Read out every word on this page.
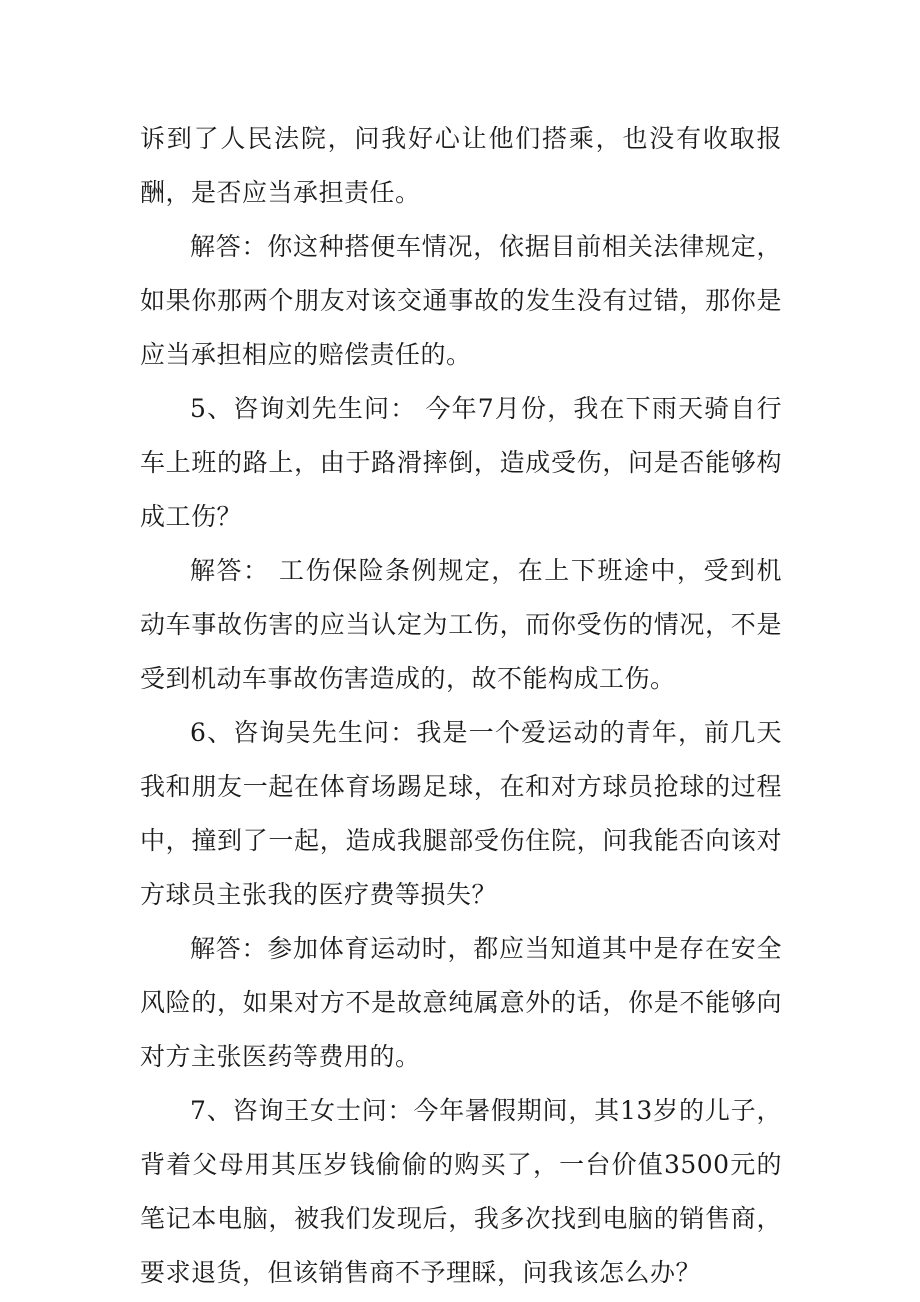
诉到了人民法院，问我好心让他们搭乘，也没有收取报酬，是否应当承担责任。

解答：你这种搭便车情况，依据目前相关法律规定，如果你那两个朋友对该交通事故的发生没有过错，那你是应当承担相应的赔偿责任的。

5、咨询刘先生问： 今年7月份，我在下雨天骑自行车上班的路上，由于路滑摔倒，造成受伤，问是否能够构成工伤？

解答： 工伤保险条例规定，在上下班途中，受到机动车事故伤害的应当认定为工伤，而你受伤的情况，不是受到机动车事故伤害造成的，故不能构成工伤。

6、咨询吴先生问：我是一个爱运动的青年，前几天我和朋友一起在体育场踢足球，在和对方球员抢球的过程中，撞到了一起，造成我腿部受伤住院，问我能否向该对方球员主张我的医疗费等损失？

解答：参加体育运动时，都应当知道其中是存在安全风险的，如果对方不是故意纯属意外的话，你是不能够向对方主张医药等费用的。

7、咨询王女士问：今年暑假期间，其13岁的儿子，背着父母用其压岁钱偷偷的购买了，一台价值3500元的笔记本电脑，被我们发现后，我多次找到电脑的销售商，要求退货，但该销售商不予理睬，问我该怎么办？
